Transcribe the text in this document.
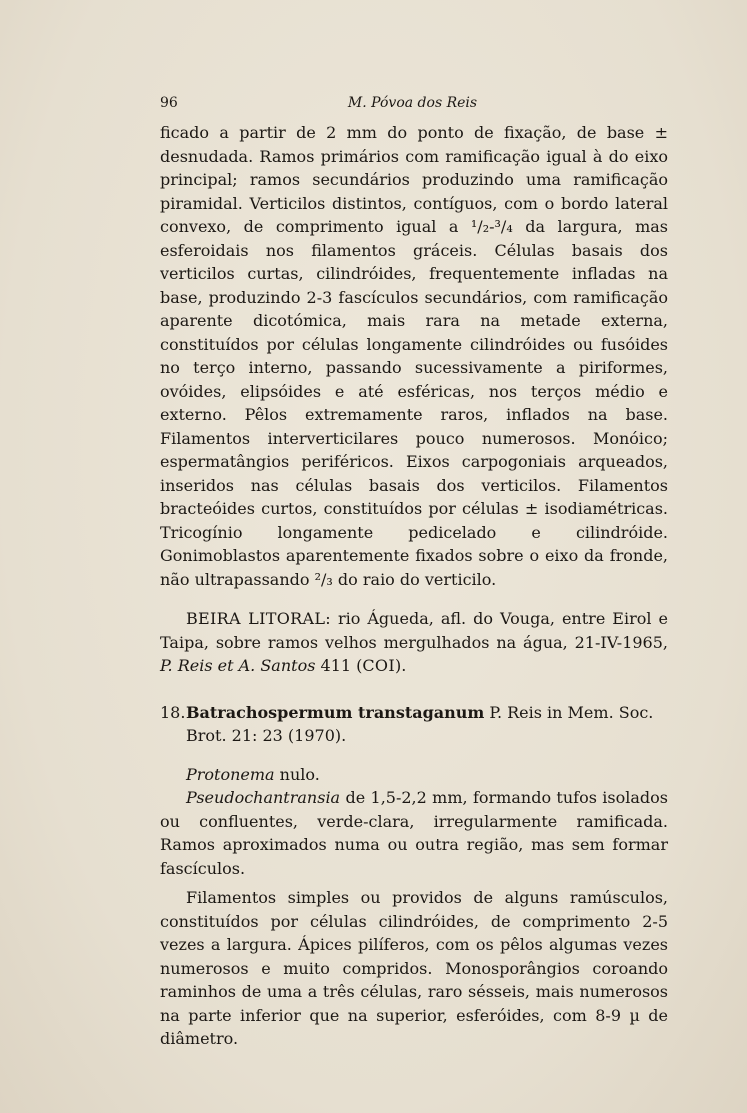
96	M. Póvoa dos Reis

ficado a partir de 2 mm do ponto de fixação, de base ± desnudada. Ramos primários com ramificação igual à do eixo principal; ramos secundários produzindo uma ramificação piramidal. Verticilos distintos, contíguos, com o bordo lateral convexo, de comprimento igual a ¹/₂-³/₄ da largura, mas esferoidais nos filamentos gráceis. Células basais dos verticilos curtas, cilindróides, frequentemente infladas na base, produzindo 2-3 fascículos secundários, com ramificação aparente dicotómica, mais rara na metade externa, constituídos por células longamente cilindróides ou fusóides no terço interno, passando sucessivamente a piriformes, ovóides, elipsóides e até esféricas, nos terços médio e externo. Pêlos extremamente raros, inflados na base. Filamentos interverticilares pouco numerosos. Monóico; espermatângios periféricos. Eixos carpogoniais arqueados, inseridos nas células basais dos verticilos. Filamentos bracteóides curtos, constituídos por células ± isodiamétricas. Tricogínio longamente pedicelado e cilindróide. Gonimoblastos aparentemente fixados sobre o eixo da fronde, não ultrapassando ²/₃ do raio do verticilo.

BEIRA LITORAL: rio Águeda, afl. do Vouga, entre Eirol e Taipa, sobre ramos velhos mergulhados na água, 21-IV-1965, P. Reis et A. Santos 411 (COI).

18. Batrachospermum transtaganum P. Reis in Mem. Soc. Brot. 21: 23 (1970).

Protonema nulo.

Pseudochantransia de 1,5-2,2 mm, formando tufos isolados ou confluentes, verde-clara, irregularmente ramificada. Ramos aproximados numa ou outra região, mas sem formar fascículos.

Filamentos simples ou providos de alguns ramúsculos, constituídos por células cilindróides, de comprimento 2-5 vezes a largura. Ápices pilíferos, com os pêlos algumas vezes numerosos e muito compridos. Monosporângios coroando raminhos de uma a três células, raro sésseis, mais numerosos na parte inferior que na superior, esferóides, com 8-9 µ de diâmetro.
